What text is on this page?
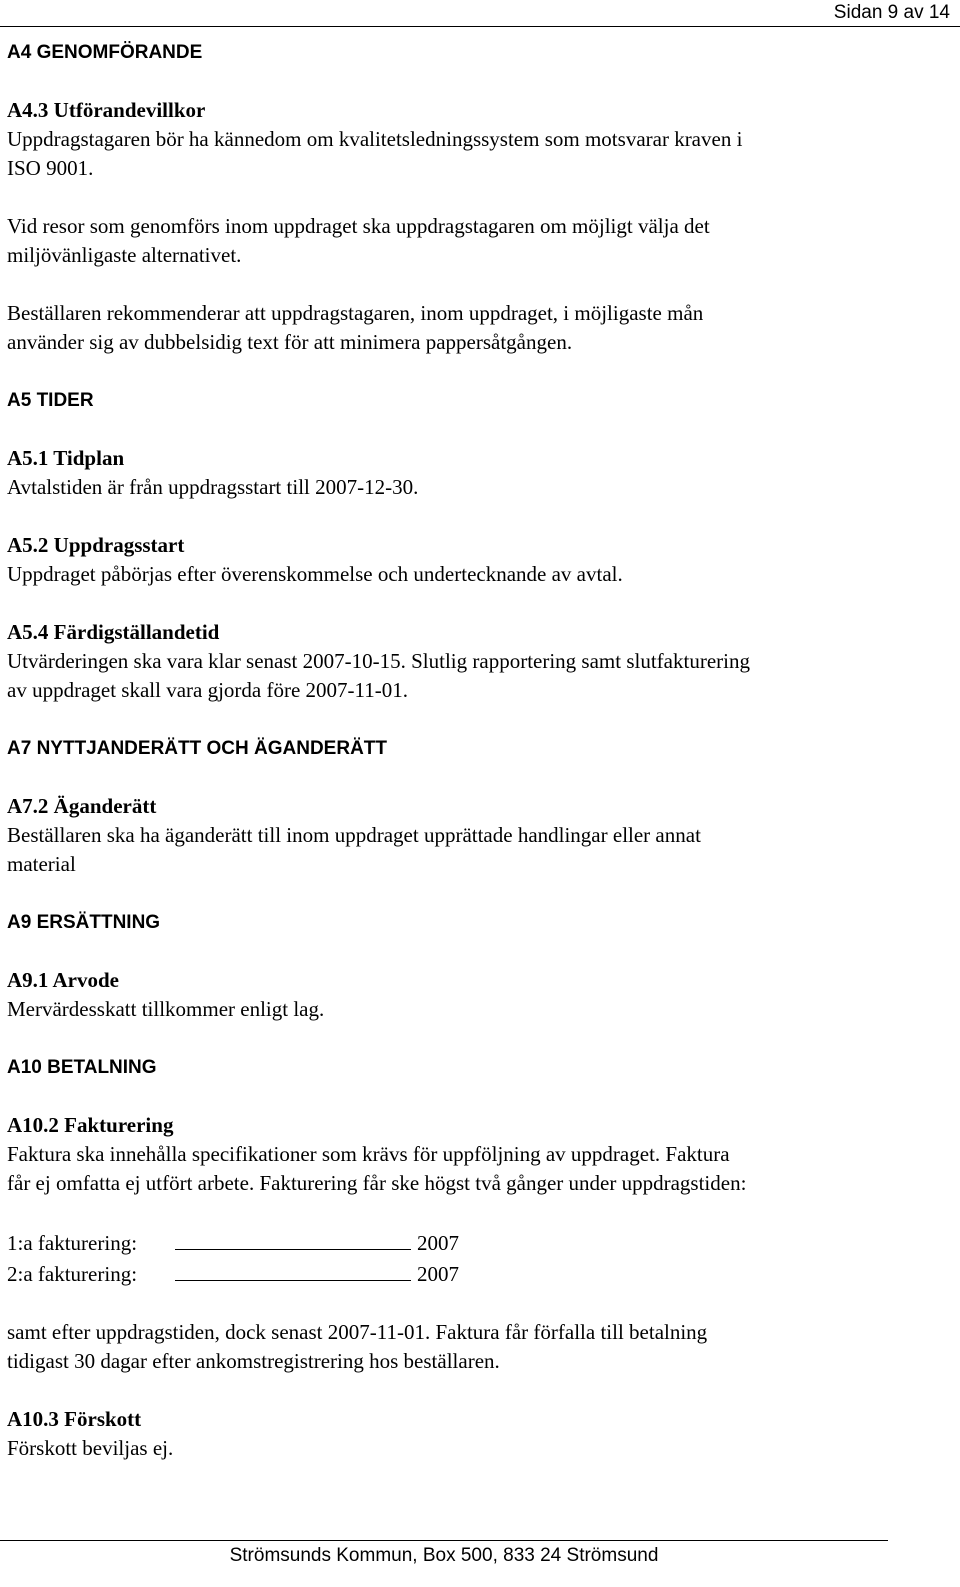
Sidan 9 av 14

A4 GENOMFÖRANDE

A4.3 Utförandevillkor

Uppdragstagaren bör ha kännedom om kvalitetsledningssystem som motsvarar kraven i

ISO 9001.

Vid resor som genomförs inom uppdraget ska uppdragstagaren om möjligt välja det

miljövänligaste alternativet.

Beställaren rekommenderar att uppdragstagaren, inom uppdraget, i möjligaste mån

använder sig av dubbelsidig text för att minimera pappersåtgången.

A5 TIDER

A5.1 Tidplan

Avtalstiden är från uppdragsstart till 2007-12-30.

A5.2 Uppdragsstart

Uppdraget påbörjas efter överenskommelse och undertecknande av avtal.

A5.4 Färdigställandetid

Utvärderingen ska vara klar senast 2007-10-15. Slutlig rapportering samt slutfakturering

av uppdraget skall vara gjorda före 2007-11-01.

A7 NYTTJANDERÄTT OCH ÄGANDERÄTT

A7.2 Äganderätt

Beställaren ska ha äganderätt till inom uppdraget upprättade handlingar eller annat

material

A9 ERSÄTTNING

A9.1 Arvode

Mervärdesskatt tillkommer enligt lag.

A10 BETALNING

A10.2 Fakturering

Faktura ska innehålla specifikationer som krävs för uppföljning av uppdraget. Faktura

får ej omfatta ej utfört arbete. Fakturering får ske högst två gånger under uppdragstiden:

1:a fakturering:	2007
2:a fakturering:	2007

samt efter uppdragstiden, dock senast 2007-11-01. Faktura får förfalla till betalning

tidigast 30 dagar efter ankomstregistrering hos beställaren.

A10.3 Förskott

Förskott beviljas ej.

Strömsunds Kommun, Box 500, 833 24 Strömsund
